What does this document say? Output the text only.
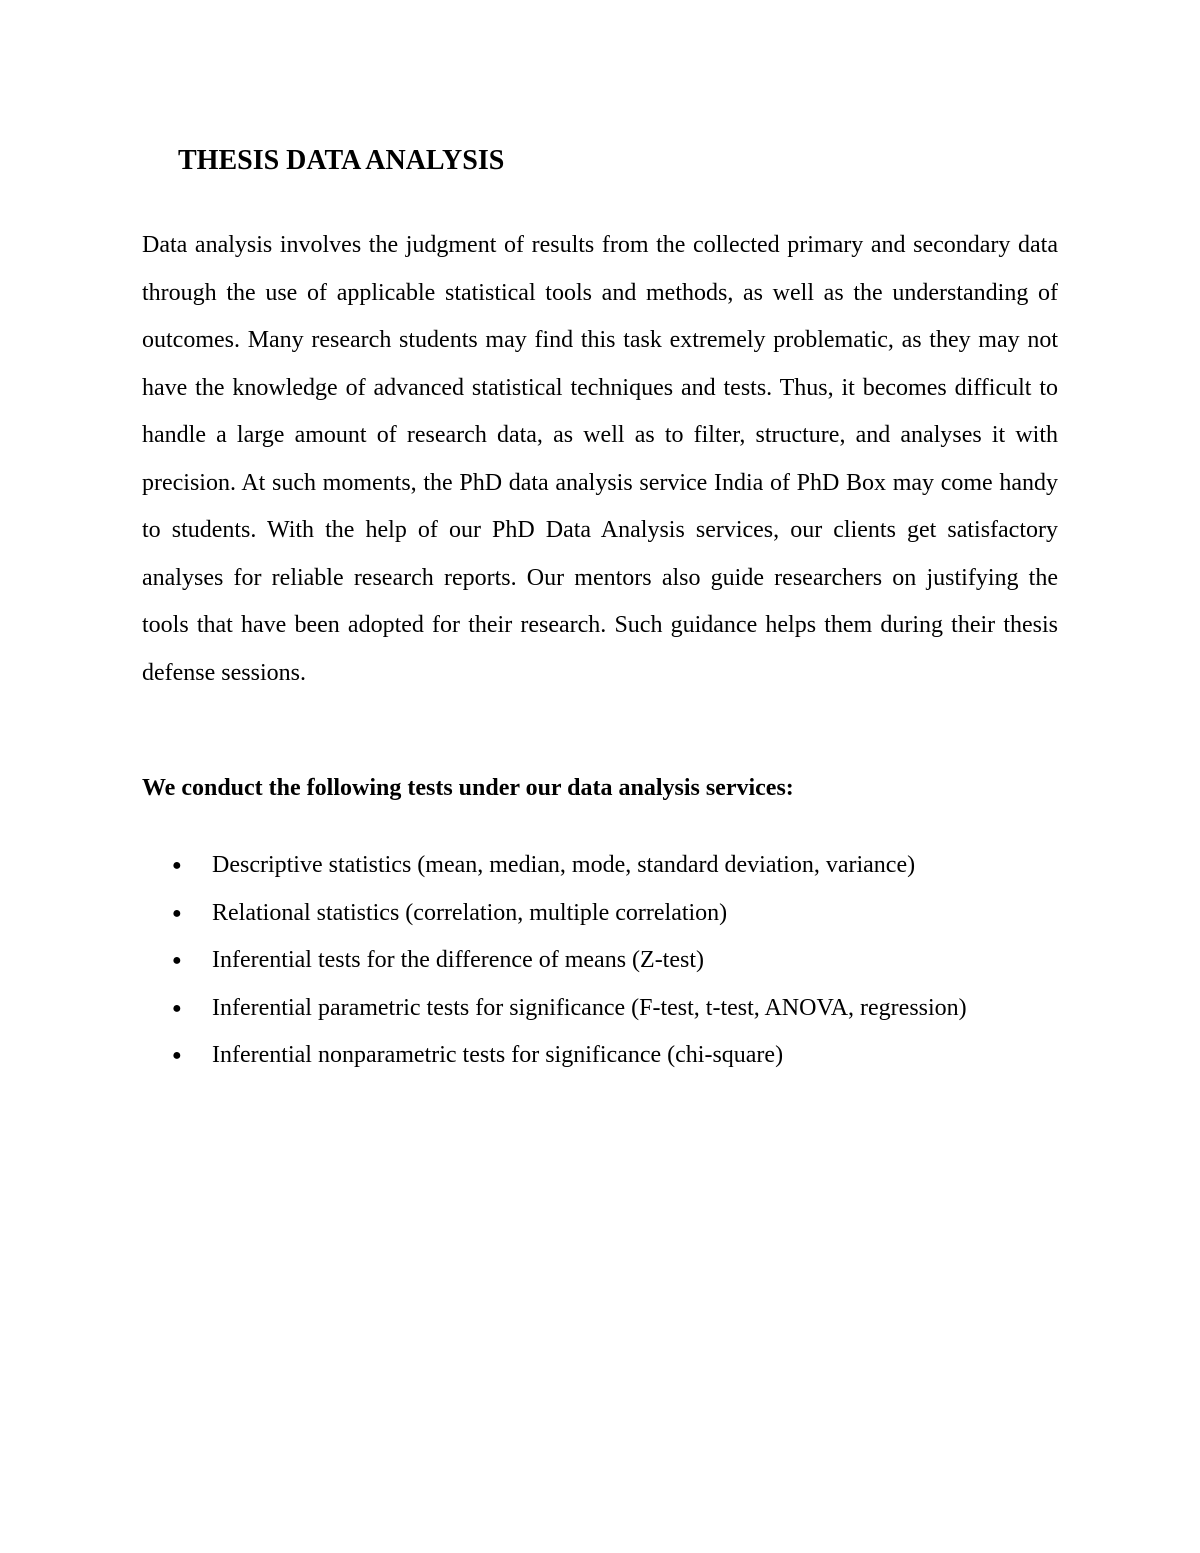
THESIS DATA ANALYSIS

Data analysis involves the judgment of results from the collected primary and secondary data through the use of applicable statistical tools and methods, as well as the understanding of outcomes. Many research students may find this task extremely problematic, as they may not have the knowledge of advanced statistical techniques and tests. Thus, it becomes difficult to handle a large amount of research data, as well as to filter, structure, and analyses it with precision. At such moments, the PhD data analysis service India of PhD Box may come handy to students. With the help of our PhD Data Analysis services, our clients get satisfactory analyses for reliable research reports. Our mentors also guide researchers on justifying the tools that have been adopted for their research. Such guidance helps them during their thesis defense sessions.

We conduct the following tests under our data analysis services:
● Descriptive statistics (mean, median, mode, standard deviation, variance)
● Relational statistics (correlation, multiple correlation)
● Inferential tests for the difference of means (Z-test)
● Inferential parametric tests for significance (F-test, t-test, ANOVA, regression)
● Inferential nonparametric tests for significance (chi-square)
